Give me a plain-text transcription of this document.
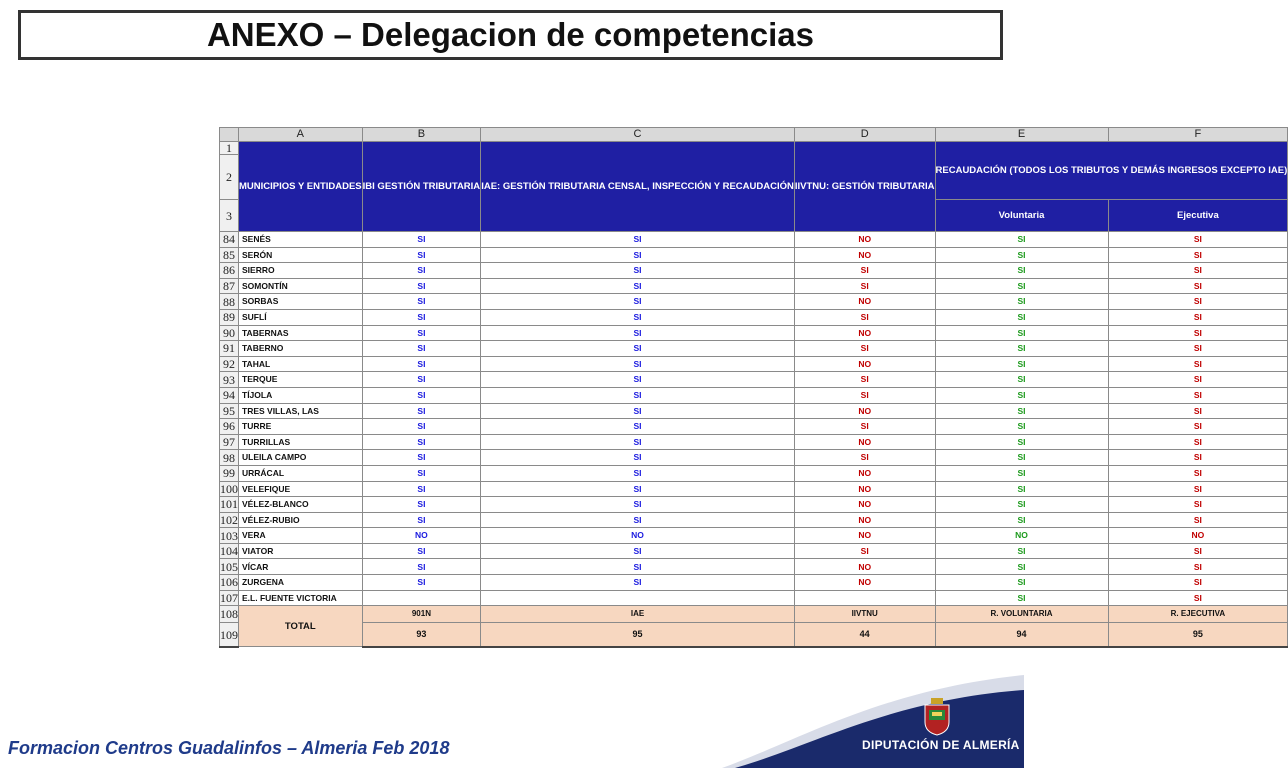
ANEXO – Delegacion de competencias
	A	B	C	D	E	F
1	MUNICIPIOS Y ENTIDADES	IBI GESTIÓN TRIBUTARIA	IAE: GESTIÓN TRIBUTARIA CENSAL, INSPECCIÓN Y RECAUDACIÓN	IIVTNU: GESTIÓN TRIBUTARIA	RECAUDACIÓN (TODOS LOS TRIBUTOS Y DEMÁS INGRESOS EXCEPTO IAE)	
2						
3					Voluntaria	Ejecutiva
84	SENÉS	SI	SI	NO	SI	SI
85	SERÓN	SI	SI	NO	SI	SI
86	SIERRO	SI	SI	SI	SI	SI
87	SOMONTÍN	SI	SI	SI	SI	SI
88	SORBAS	SI	SI	NO	SI	SI
89	SUFLÍ	SI	SI	SI	SI	SI
90	TABERNAS	SI	SI	NO	SI	SI
91	TABERNO	SI	SI	SI	SI	SI
92	TAHAL	SI	SI	NO	SI	SI
93	TERQUE	SI	SI	SI	SI	SI
94	TÍJOLA	SI	SI	SI	SI	SI
95	TRES VILLAS, LAS	SI	SI	NO	SI	SI
96	TURRE	SI	SI	SI	SI	SI
97	TURRILLAS	SI	SI	NO	SI	SI
98	ULEILA CAMPO	SI	SI	SI	SI	SI
99	URRÁCAL	SI	SI	NO	SI	SI
100	VELEFIQUE	SI	SI	NO	SI	SI
101	VÉLEZ-BLANCO	SI	SI	NO	SI	SI
102	VÉLEZ-RUBIO	SI	SI	NO	SI	SI
103	VERA	NO	NO	NO	NO	NO
104	VIATOR	SI	SI	SI	SI	SI
105	VÍCAR	SI	SI	NO	SI	SI
106	ZURGENA	SI	SI	NO	SI	SI
107	E.L. FUENTE VICTORIA				SI	SI
108	TOTAL	901N	IAE	IIVTNU	R. VOLUNTARIA	R. EJECUTIVA
109		93	95	44	94	95
DIPUTACIÓN DE ALMERÍA
Formacion Centros Guadalinfos – Almeria Feb 2018
